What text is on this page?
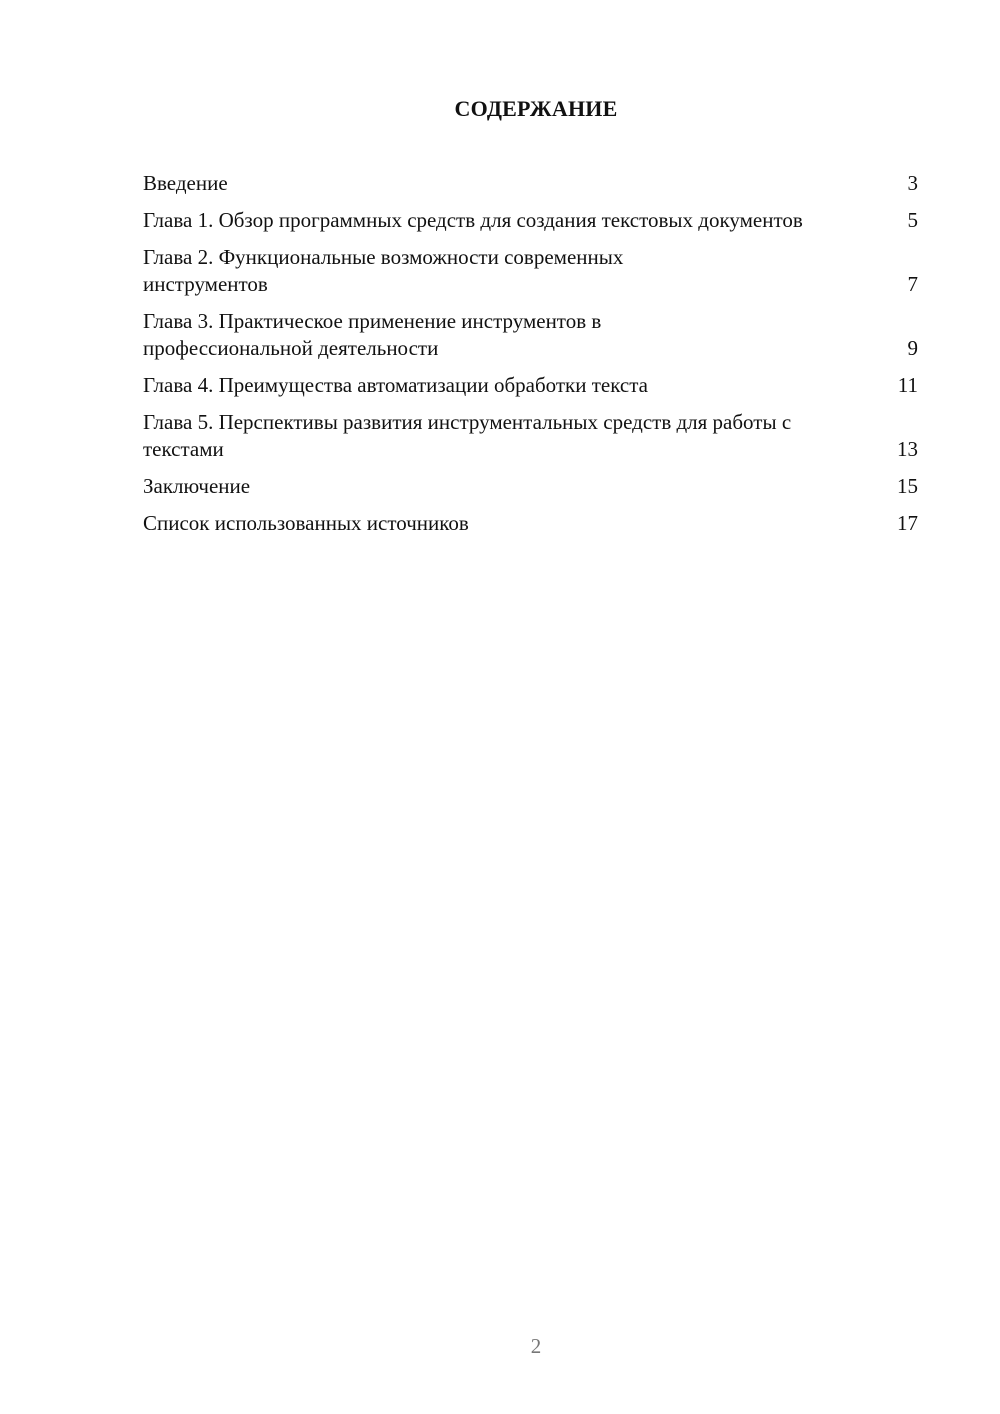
СОДЕРЖАНИЕ
Введение	3
Глава 1. Обзор программных средств для создания текстовых документов	5
Глава 2. Функциональные возможности современных инструментов	7
Глава 3. Практическое применение инструментов в профессиональной деятельности	9
Глава 4. Преимущества автоматизации обработки текста	11
Глава 5. Перспективы развития инструментальных средств для работы с текстами	13
Заключение	15
Список использованных источников	17
2
